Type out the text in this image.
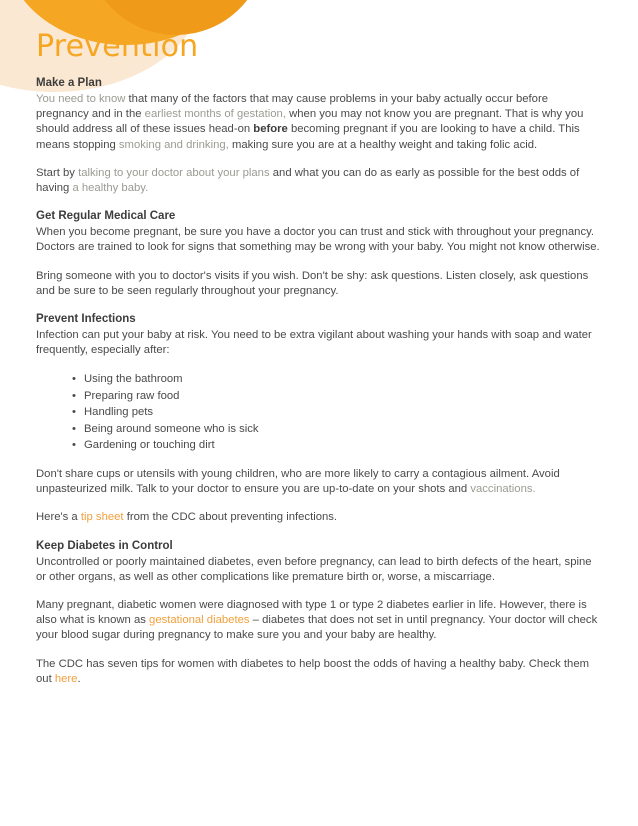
Prevention
Make a Plan

You need to know that many of the factors that may cause problems in your baby actually occur before pregnancy and in the earliest months of gestation, when you may not know you are pregnant. That is why you should address all of these issues head-on before becoming pregnant if you are looking to have a child. This means stopping smoking and drinking, making sure you are at a healthy weight and taking folic acid.

Start by talking to your doctor about your plans and what you can do as early as possible for the best odds of having a healthy baby.

Get Regular Medical Care

When you become pregnant, be sure you have a doctor you can trust and stick with throughout your pregnancy. Doctors are trained to look for signs that something may be wrong with your baby. You might not know otherwise.

Bring someone with you to doctor's visits if you wish. Don't be shy: ask questions. Listen closely, ask questions and be sure to be seen regularly throughout your pregnancy.

Prevent Infections

Infection can put your baby at risk. You need to be extra vigilant about washing your hands with soap and water frequently, especially after:

• Using the bathroom
• Preparing raw food
• Handling pets
• Being around someone who is sick
• Gardening or touching dirt

Don't share cups or utensils with young children, who are more likely to carry a contagious ailment. Avoid unpasteurized milk. Talk to your doctor to ensure you are up-to-date on your shots and vaccinations.

Here's a tip sheet from the CDC about preventing infections.

Keep Diabetes in Control

Uncontrolled or poorly maintained diabetes, even before pregnancy, can lead to birth defects of the heart, spine or other organs, as well as other complications like premature birth or, worse, a miscarriage.

Many pregnant, diabetic women were diagnosed with type 1 or type 2 diabetes earlier in life. However, there is also what is known as gestational diabetes – diabetes that does not set in until pregnancy. Your doctor will check your blood sugar during pregnancy to make sure you and your baby are healthy.

The CDC has seven tips for women with diabetes to help boost the odds of having a healthy baby. Check them out here.
